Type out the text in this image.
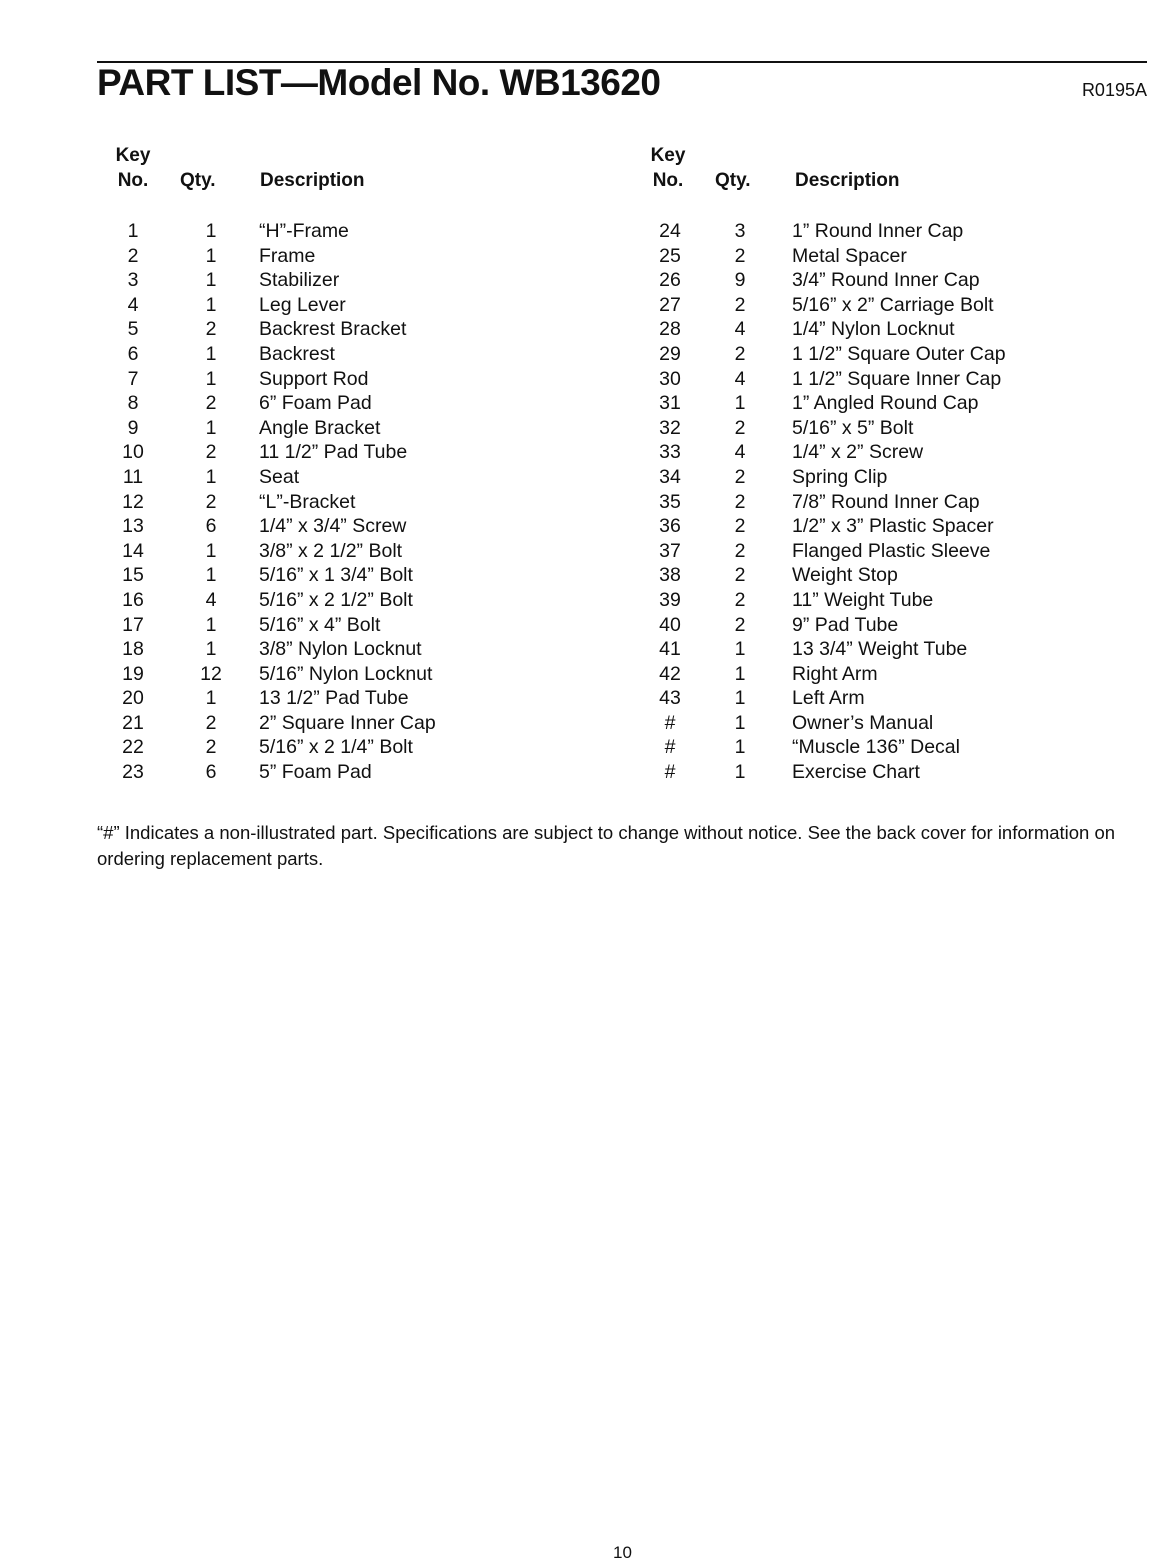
PART LIST—Model No. WB13620	R0195A
Key
No.	Qty. Description
1	1	“H”-Frame
2	1	Frame
3	1	Stabilizer
4	1	Leg Lever
5	2	Backrest Bracket
6	1	Backrest
7	1	Support Rod
8	2	6” Foam Pad
9	1	Angle Bracket
10	2	11 1/2” Pad Tube
11	1	Seat
12	2	“L”-Bracket
13	6	1/4” x 3/4” Screw
14	1	3/8” x 2 1/2” Bolt
15	1	5/16” x 1 3/4” Bolt
16	4	5/16” x 2 1/2” Bolt
17	1	5/16” x 4” Bolt
18	1	3/8” Nylon Locknut
19	12	5/16” Nylon Locknut
20	1	13 1/2” Pad Tube
21	2	2” Square Inner Cap
22	2	5/16” x 2 1/4” Bolt
23	6	5” Foam Pad
Key
No.	Qty. Description
24	3	1” Round Inner Cap
25	2	Metal Spacer
26	9	3/4” Round Inner Cap
27	2	5/16” x 2” Carriage Bolt
28	4	1/4” Nylon Locknut
29	2	1 1/2” Square Outer Cap
30	4	1 1/2” Square Inner Cap
31	1	1” Angled Round Cap
32	2	5/16” x 5” Bolt
33	4	1/4” x 2” Screw
34	2	Spring Clip
35	2	7/8” Round Inner Cap
36	2	1/2” x 3” Plastic Spacer
37	2	Flanged Plastic Sleeve
38	2	Weight Stop
39	2	11” Weight Tube
40	2	9” Pad Tube
41	1	13 3/4” Weight Tube
42	1	Right Arm
43	1	Left Arm
#	1	Owner’s Manual
#	1	“Muscle 136” Decal
#	1	Exercise Chart
“#” Indicates a non-illustrated part. Specifications are subject to change without notice. See the back cover for information on ordering replacement parts.
10
